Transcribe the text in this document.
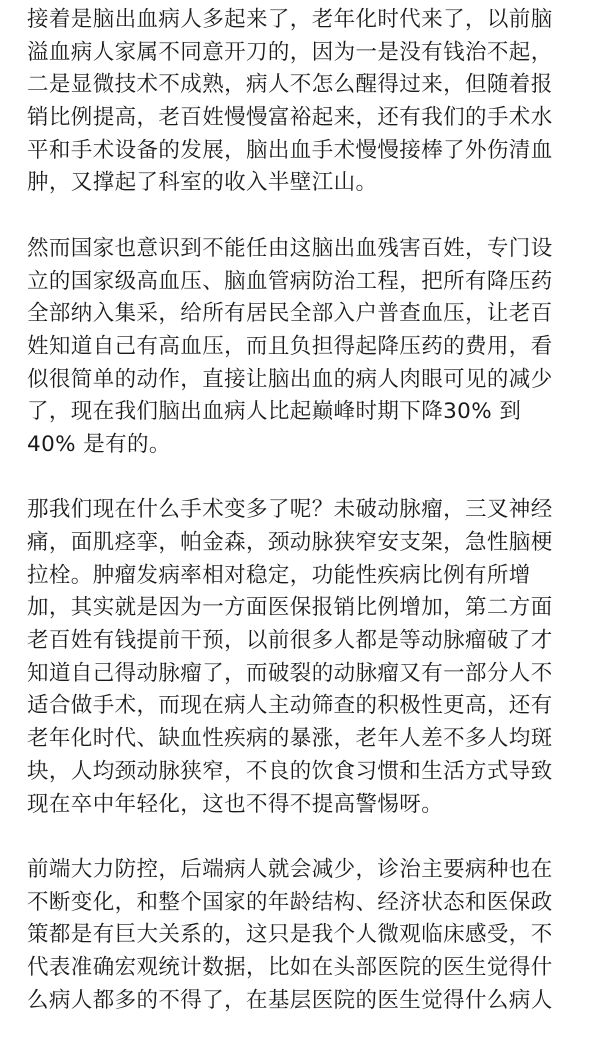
接着是脑出血病人多起来了，老年化时代来了，以前脑
溢血病人家属不同意开刀的，因为一是没有钱治不起，
二是显微技术不成熟，病人不怎么醒得过来，但随着报
销比例提高，老百姓慢慢富裕起来，还有我们的手术水
平和手术设备的发展，脑出血手术慢慢接棒了外伤清血
肿，又撑起了科室的收入半壁江山。
然而国家也意识到不能任由这脑出血残害百姓，专门设
立的国家级高血压、脑血管病防治工程，把所有降压药
全部纳入集采，给所有居民全部入户普查血压，让老百
姓知道自己有高血压，而且负担得起降压药的费用，看
似很简单的动作，直接让脑出血的病人肉眼可见的减少
了，现在我们脑出血病人比起巅峰时期下降30% 到
40% 是有的。
那我们现在什么手术变多了呢？未破动脉瘤，三叉神经
痛，面肌痉挛，帕金森，颈动脉狭窄安支架，急性脑梗
拉栓。肿瘤发病率相对稳定，功能性疾病比例有所增
加，其实就是因为一方面医保报销比例增加，第二方面
老百姓有钱提前干预，以前很多人都是等动脉瘤破了才
知道自己得动脉瘤了，而破裂的动脉瘤又有一部分人不
适合做手术，而现在病人主动筛查的积极性更高，还有
老年化时代、缺血性疾病的暴涨，老年人差不多人均斑
块，人均颈动脉狭窄，不良的饮食习惯和生活方式导致
现在卒中年轻化，这也不得不提高警惕呀。
前端大力防控，后端病人就会减少，诊治主要病种也在
不断变化，和整个国家的年龄结构、经济状态和医保政
策都是有巨大关系的，这只是我个人微观临床感受，不
代表准确宏观统计数据，比如在头部医院的医生觉得什
么病人都多的不得了，在基层医院的医生觉得什么病人
